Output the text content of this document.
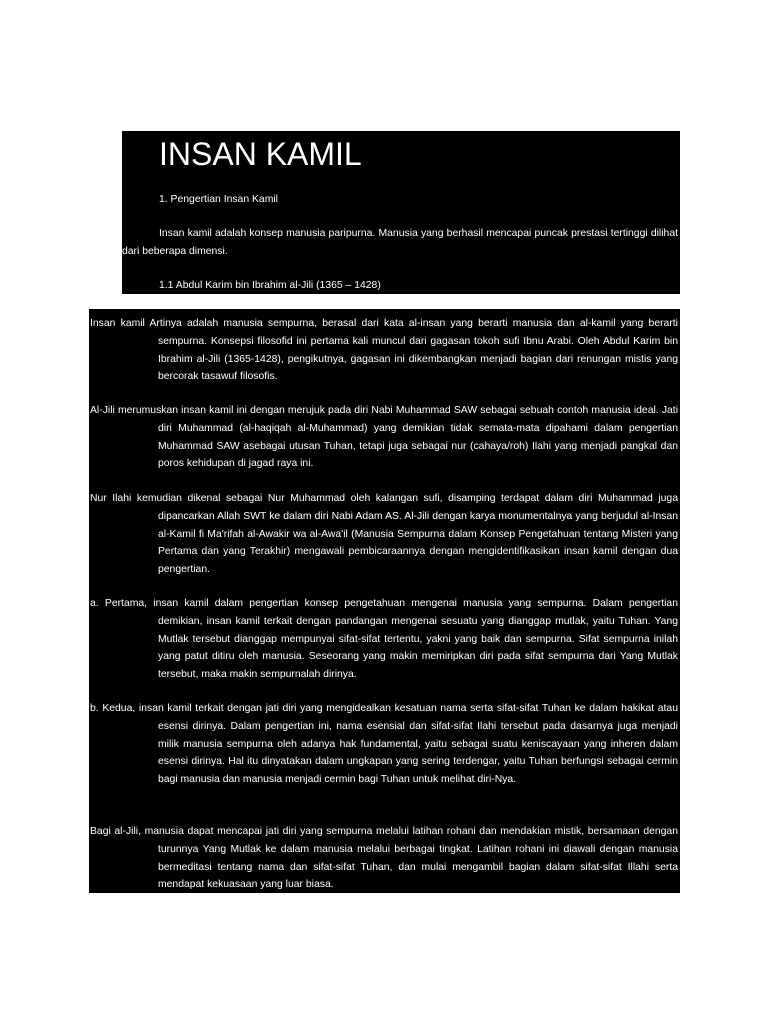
INSAN KAMIL

1. Pengertian Insan Kamil

Insan kamil adalah konsep manusia paripurna. Manusia yang berhasil mencapai puncak prestasi tertinggi dilihat dari beberapa dimensi.

1.1 Abdul Karim bin Ibrahim al-Jili (1365 – 1428)

Insan kamil Artinya adalah manusia sempurna, berasal dari kata al-insan yang berarti manusia dan al-kamil yang berarti sempurna. Konsepsi filosofid ini pertama kali muncul dari gagasan tokoh sufi Ibnu Arabi. Oleh Abdul Karim bin Ibrahim al-Jili (1365-1428), pengikutnya, gagasan ini dikembangkan menjadi bagian dari renungan mistis yang bercorak tasawuf filosofis.

Al-Jili merumuskan insan kamil ini dengan merujuk pada diri Nabi Muhammad SAW sebagai sebuah contoh manusia ideal. Jati diri Muhammad (al-haqiqah al-Muhammad) yang demikian tidak semata-mata dipahami dalam pengertian Muhammad SAW asebagai utusan Tuhan, tetapi juga sebagai nur (cahaya/roh) Ilahi yang menjadi pangkal dan poros kehidupan di jagad raya ini.

Nur Ilahi kemudian dikenal sebagai Nur Muhammad oleh kalangan sufi, disamping terdapat dalam diri Muhammad juga dipancarkan Allah SWT ke dalam diri Nabi Adam AS. Al-Jili dengan karya monumentalnya yang berjudul al-Insan al-Kamil fi Ma'rifah al-Awakir wa al-Awa'il (Manusia Sempurna dalam Konsep Pengetahuan tentang Misteri yang Pertama dan yang Terakhir) mengawali pembicaraannya dengan mengidentifikasikan insan kamil dengan dua pengertian.

a. Pertama, insan kamil dalam pengertian konsep pengetahuan mengenai manusia yang sempurna. Dalam pengertian demikian, insan kamil terkait dengan pandangan mengenai sesuatu yang dianggap mutlak, yaitu Tuhan. Yang Mutlak tersebut dianggap mempunyai sifat-sifat tertentu, yakni yang baik dan sempurna. Sifat sempurna inilah yang patut ditiru oleh manusia. Seseorang yang makin memiripkan diri pada sifat sempurna dari Yang Mutlak tersebut, maka makin sempurnalah dirinya.

b. Kedua, insan kamil terkait dengan jati diri yang mengidealkan kesatuan nama serta sifat-sifat Tuhan ke dalam hakikat atau esensi dirinya. Dalam pengertian ini, nama esensial dan sifat-sifat Ilahi tersebut pada dasarnya juga menjadi milik manusia sempurna oleh adanya hak fundamental, yaitu sebagai suatu keniscayaan yang inheren dalam esensi dirinya. Hal itu dinyatakan dalam ungkapan yang sering terdengar, yaitu Tuhan berfungsi sebagai cermin bagi manusia dan manusia menjadi cermin bagi Tuhan untuk melihat diri-Nya.

Bagi al-Jili, manusia dapat mencapai jati diri yang sempurna melalui latihan rohani dan mendakian mistik, bersamaan dengan turunnya Yang Mutlak ke dalam manusia melalui berbagai tingkat. Latihan rohani ini diawali dengan manusia bermeditasi tentang nama dan sifat-sifat Tuhan, dan mulai mengambil bagian dalam sifat-sifat Illahi serta mendapat kekuasaan yang luar biasa.
